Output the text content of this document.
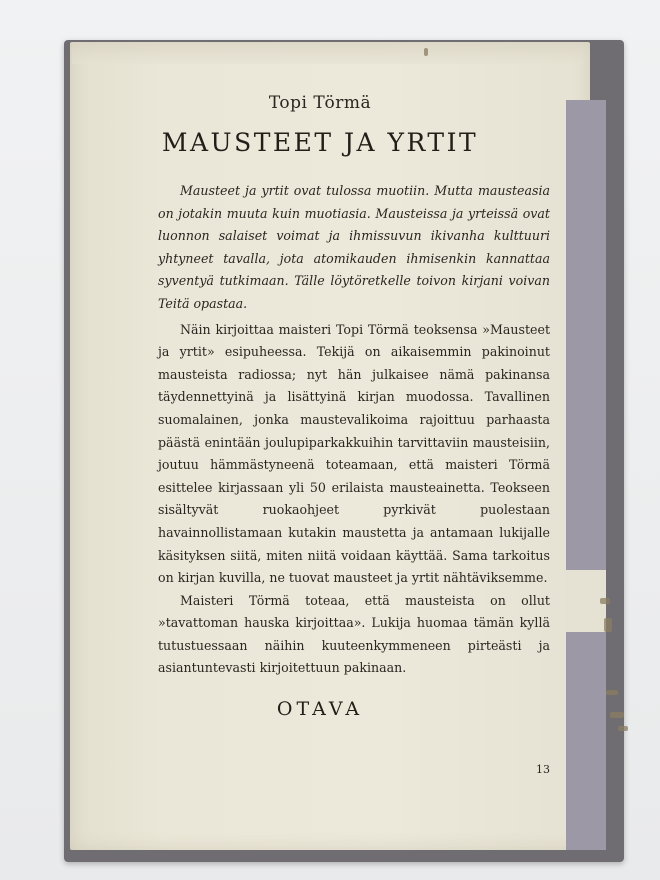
Topi Törmä
MAUSTEET JA YRTIT

Mausteet ja yrtit ovat tulossa muotiin. Mutta mausteasia on jotakin muuta kuin muotiasia. Mausteissa ja yrteissä ovat luonnon salaiset voimat ja ihmissuvun ikivanha kulttuuri yhtyneet tavalla, jota atomikauden ihmisenkin kannattaa syventyä tutkimaan. Tälle löytöretkelle toivon kirjani voivan Teitä opastaa.

Näin kirjoittaa maisteri Topi Törmä teoksensa »Mausteet ja yrtit» esipuheessa. Tekijä on aikaisemmin pakinoinut mausteista radiossa; nyt hän julkaisee nämä pakinansa täydennettyinä ja lisättyinä kirjan muodossa. Tavallinen suomalainen, jonka maustevalikoima rajoittuu parhaasta päästä enintään joulupiparkakkuihin tarvittaviin mausteisiin, joutuu hämmästyneenä toteamaan, että maisteri Törmä esittelee kirjassaan yli 50 erilaista mausteainetta. Teokseen sisältyvät ruokaohjeet pyrkivät puolestaan havainnollistamaan kutakin maustetta ja antamaan lukijalle käsityksen siitä, miten niitä voidaan käyttää. Sama tarkoitus on kirjan kuvilla, ne tuovat mausteet ja yrtit nähtäviksemme.

Maisteri Törmä toteaa, että mausteista on ollut »tavattoman hauska kirjoittaa». Lukija huomaa tämän kyllä tutustuessaan näihin kuuteenkymmeneen pirteästi ja asiantuntevasti kirjoitettuun pakinaan.

OTAVA
13
